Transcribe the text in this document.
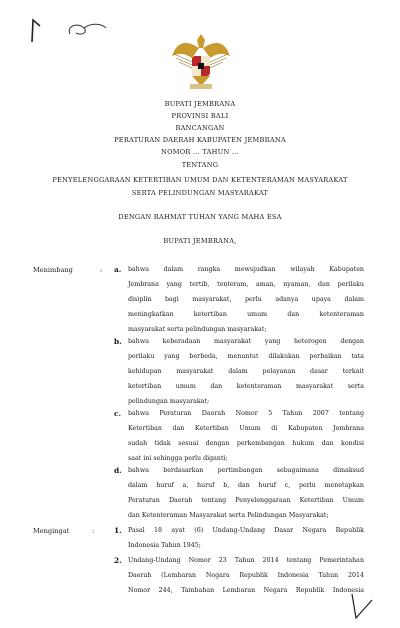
BUPATI JEMBRANA
PROVINSI BALI
RANCANGAN
PERATURAN DAERAH KABUPATEN JEMBRANA
NOMOR ... TAHUN ...
TENTANG
PENYELENGGARAAN KETERTIBAN UMUM DAN KETENTERAMAN MASYARAKAT
SERTA PELINDUNGAN MASYARAKAT
DENGAN RAHMAT TUHAN YANG MAHA ESA
BUPATI JEMBRANA,
Menimbang	: a. bahwa dalam rangka mewujudkan wilayah Kabupaten
Jembrana yang tertib, tenteram, aman, nyaman, dan perilaku
disiplin bagi masyarakat, perlu adanya upaya dalam
meningkatkan ketertiban umum dan ketenteraman
masyarakat serta pelindungan masyarakat;
b. bahwa keberadaan masyarakat yang heterogen dengan
perilaku yang berbeda, menuntut dilakukan perbaikan tata
kehidupan masyarakat dalam pelayanan dasar terkait
ketertiban umum dan ketenteraman masyarakat serta
pelindungan masyarakat;
c. bahwa Peraturan Daerah Nomor 5 Tahun 2007 tentang
Ketertiban dan Ketertiban Umum di Kabupaten Jembrana
sudah tidak sesuai dengan perkembangan hukum dan kondisi
saat ini sehingga perlu diganti;
d. bahwa berdasarkan pertimbangan sebagaimana dimaksud
dalam huruf a, huruf b, dan huruf c, perlu menetapkan
Peraturan Daerah tentang Penyelenggaraan Ketertiban Umum
dan Ketenteraman Masyarakat serta Pelindungan Masyarakat;
Mengingat	:	1. Pasal 18 ayat (6) Undang-Undang Dasar Negara Republik
Indonesia Tahun 1945;
2. Undang-Undang Nomor 23 Tahun 2014 tentang Pemerintahan
Daerah (Lembaran Negara Republik Indonesia Tahun 2014
Nomor 244, Tambahan Lembaran Negara Republik Indonesia
